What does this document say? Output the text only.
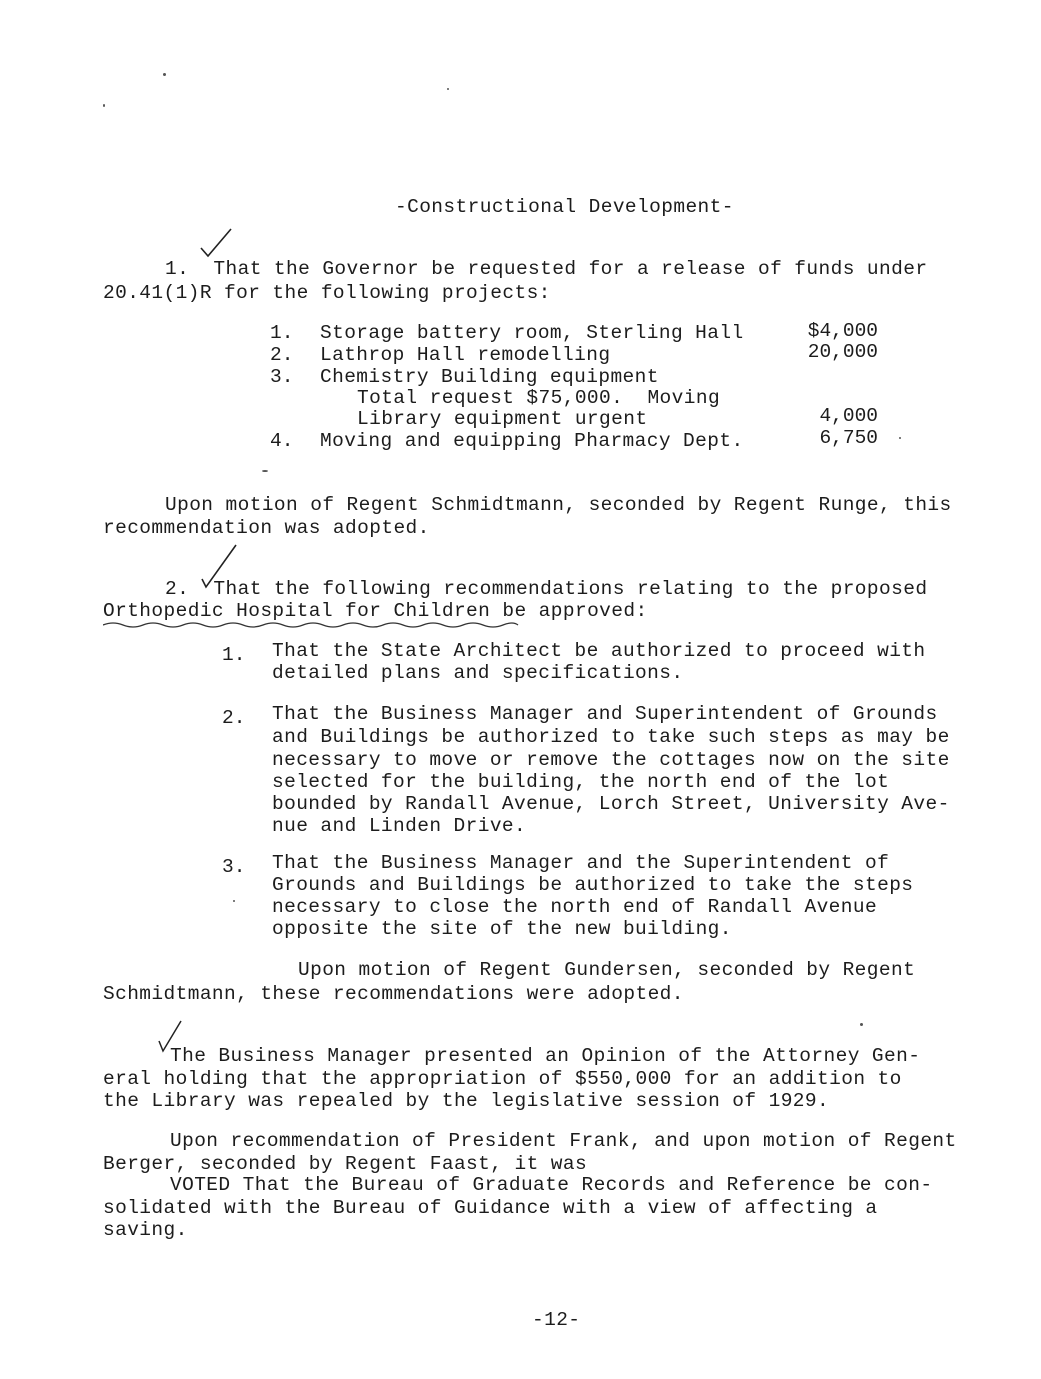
-Constructional Development-
1.  That the Governor be requested for a release of funds under
20.41(1)R for the following projects:
1. Storage battery room, Sterling Hall	$4,000
2. Lathrop Hall remodelling	20,000
3. Chemistry Building equipment
Total request $75,000.  Moving
Library equipment urgent	4,000
4. Moving and equipping Pharmacy Dept.	6,750
Upon motion of Regent Schmidtmann, seconded by Regent Runge, this
recommendation was adopted.
2.  That the following recommendations relating to the proposed
Orthopedic Hospital for Children be approved:
1. That the State Architect be authorized to proceed with
detailed plans and specifications.
2. That the Business Manager and Superintendent of Grounds
and Buildings be authorized to take such steps as may be
necessary to move or remove the cottages now on the site
selected for the building, the north end of the lot
bounded by Randall Avenue, Lorch Street, University Ave-
nue and Linden Drive.
3. That the Business Manager and the Superintendent of
Grounds and Buildings be authorized to take the steps
necessary to close the north end of Randall Avenue
opposite the site of the new building.
Upon motion of Regent Gundersen, seconded by Regent
Schmidtmann, these recommendations were adopted.
The Business Manager presented an Opinion of the Attorney Gen-
eral holding that the appropriation of $550,000 for an addition to
the Library was repealed by the legislative session of 1929.
Upon recommendation of President Frank, and upon motion of Regent
Berger, seconded by Regent Faast, it was
VOTED That the Bureau of Graduate Records and Reference be con-
solidated with the Bureau of Guidance with a view of affecting a
saving.
-12-
